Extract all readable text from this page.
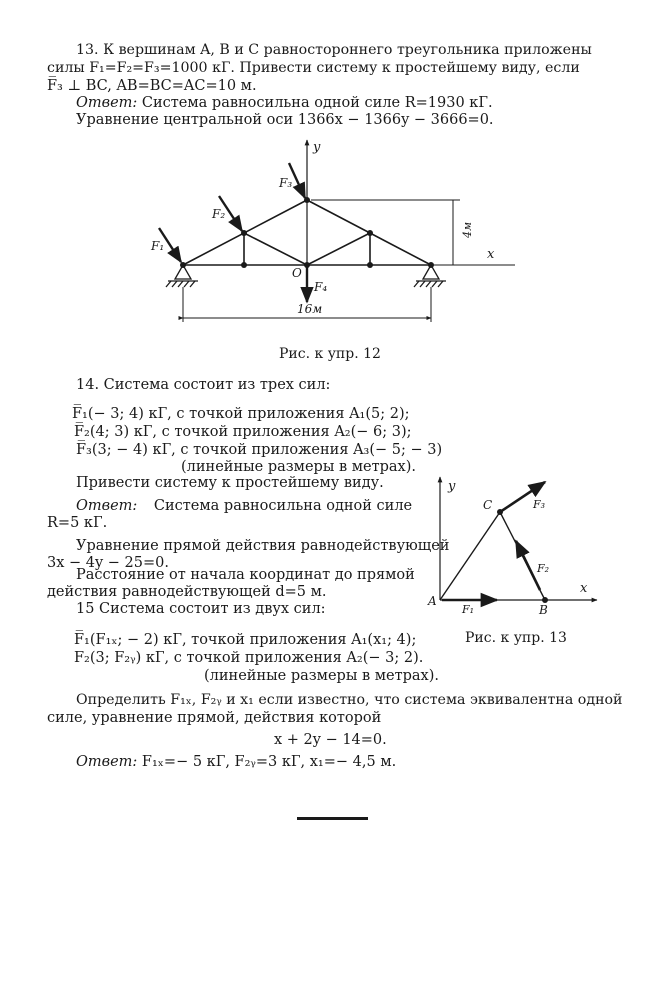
13. К вершинам A, B и C равностороннего треугольника приложены
силы F₁=F₂=F₃=1000 кГ. Привести систему к простейшему виду, если
F̅₃ ⊥ BC, AB=BC=AC=10 м.
Ответ: Система равносильна одной силе R=1930 кГ.
Уравнение центральной оси 1366x − 1366y − 3666=0.
y
x
O
F₁
F₂
F₃
F₄
4м
16м
Рис. к упр. 12
14. Система состоит из трех сил:
F̅₁(− 3; 4) кГ, с точкой приложения A₁(5; 2);
F̅₂(4; 3) кГ, с точкой приложения A₂(− 6; 3);
F̅₃(3; − 4) кГ, с точкой приложения A₃(− 5; − 3)
(линейные размеры в метрах).
Привести систему к простейшему виду.
Ответ: Система равносильна одной силе
R=5 кГ.
Уравнение прямой действия равнодействующей
3x − 4y − 25=0.
Расстояние от начала координат до прямой
действия равнодействующей d=5 м.
y
x
A
B
C
F₁
F₂
F₃
Рис. к упр. 13
15 Система состоит из двух сил:
F̅₁(F₁ₓ; − 2) кГ, точкой приложения A₁(x₁; 4);
F₂(3; F₂ᵧ) кГ, с точкой приложения A₂(− 3; 2).
(линейные размеры в метрах).
Определить F₁ₓ, F₂ᵧ и x₁ если известно, что система эквивалентна одной
силе, уравнение прямой, действия которой
x + 2y − 14=0.
Ответ: F₁ₓ=− 5 кГ, F₂ᵧ=3 кГ, x₁=− 4,5 м.
